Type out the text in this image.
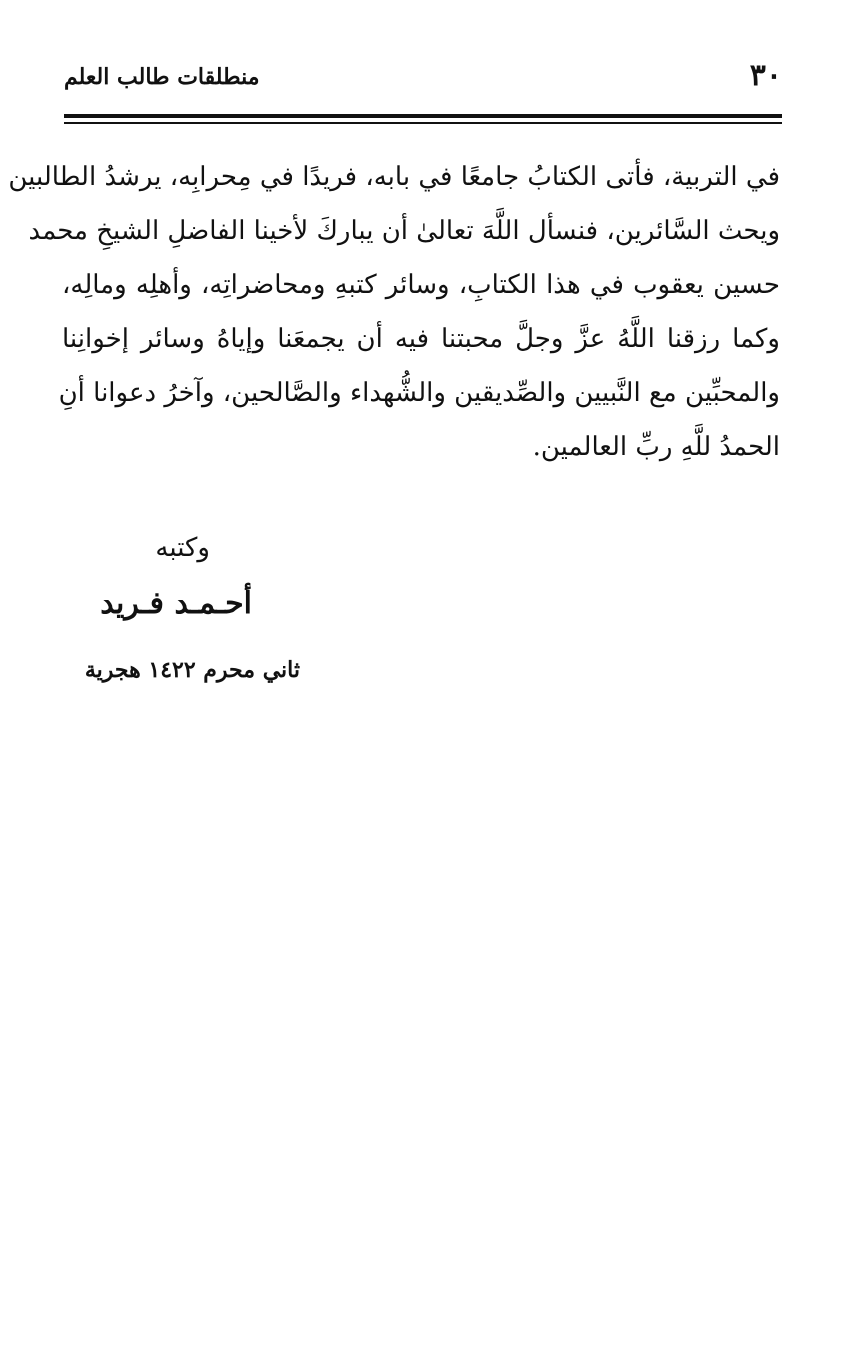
٣٠
منطلقات طالب العلم
في التربية، فأتى الكتابُ جامعًا في بابه، فريدًا في مِحرابِه، يرشدُ الطالبين
ويحث السَّائرين، فنسأل اللَّهَ تعالىٰ أن يباركَ لأخينا الفاضلِ الشيخِ محمد
حسين يعقوب في هذا الكتابِ، وسائر كتبهِ ومحاضراتِه، وأهلِه ومالِه،
وكما رزقنا اللَّهُ عزَّ وجلَّ محبتنا فيه أن يجمعَنا وإياهُ وسائر إخوانِنا
والمحبِّين مع النَّبيين والصِّديقين والشُّهداء والصَّالحين، وآخرُ دعوانا أنِ
الحمدُ للَّهِ ربِّ العالمين.
وكتبه
أحـمـد فـريد
ثاني محرم ١٤٢٢ هجرية
